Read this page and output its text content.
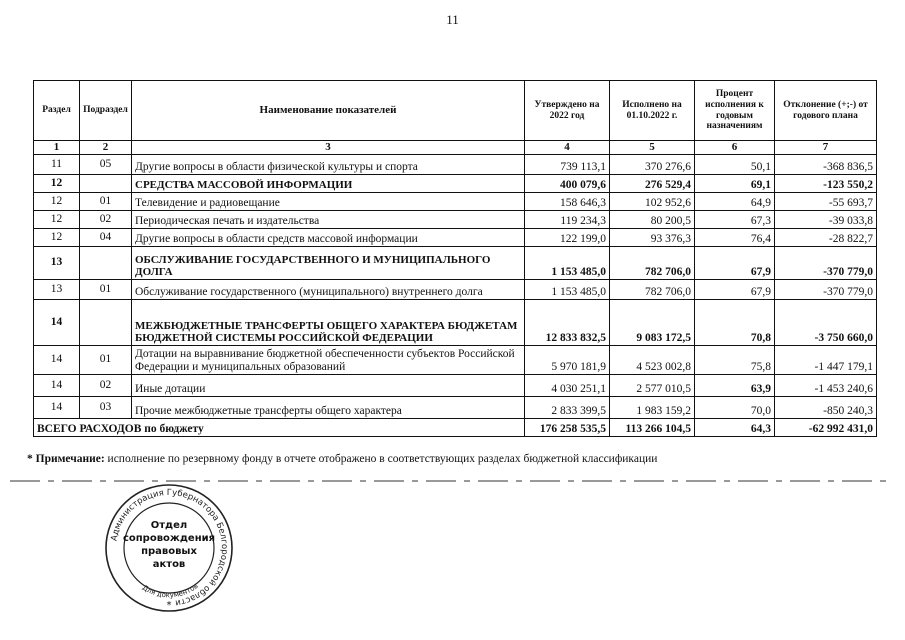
11
Раздел	Подраздел	Наименование показателей	Утверждено на 2022 год	Исполнено на 01.10.2022 г.	Процент исполнения к годовым назначениям	Отклонение (+;-) от годового плана
1	2	3	4	5	6	7
11	05	Другие вопросы в области физической культуры и спорта	739 113,1	370 276,6	50,1	-368 836,5
12		СРЕДСТВА МАССОВОЙ ИНФОРМАЦИИ	400 079,6	276 529,4	69,1	-123 550,2
12	01	Телевидение и радиовещание	158 646,3	102 952,6	64,9	-55 693,7
12	02	Периодическая печать и издательства	119 234,3	80 200,5	67,3	-39 033,8
12	04	Другие вопросы в области средств массовой информации	122 199,0	93 376,3	76,4	-28 822,7
13		ОБСЛУЖИВАНИЕ ГОСУДАРСТВЕННОГО И МУНИЦИПАЛЬНОГО ДОЛГА	1 153 485,0	782 706,0	67,9	-370 779,0
13	01	Обслуживание государственного (муниципального) внутреннего долга	1 153 485,0	782 706,0	67,9	-370 779,0
14		МЕЖБЮДЖЕТНЫЕ ТРАНСФЕРТЫ ОБЩЕГО ХАРАКТЕРА БЮДЖЕТАМ БЮДЖЕТНОЙ СИСТЕМЫ РОССИЙСКОЙ ФЕДЕРАЦИИ	12 833 832,5	9 083 172,5	70,8	-3 750 660,0
14	01	Дотации на выравнивание бюджетной обеспеченности субъектов Российской Федерации и муниципальных образований	5 970 181,9	4 523 002,8	75,8	-1 447 179,1
14	02	Иные дотации	4 030 251,1	2 577 010,5	63,9	-1 453 240,6
14	03	Прочие межбюджетные трансферты общего характера	2 833 399,5	1 983 159,2	70,0	-850 240,3
ВСЕГО РАСХОДОВ по бюджету			176 258 535,5	113 266 104,5	64,3	-62 992 431,0
* Примечание: исполнение по резервному фонду в отчете отображено в соответствующих разделах бюджетной классификации
Администрация Губернатора Белгородской области
Для документов
Отдел
сопровождения
правовых
актов
*
